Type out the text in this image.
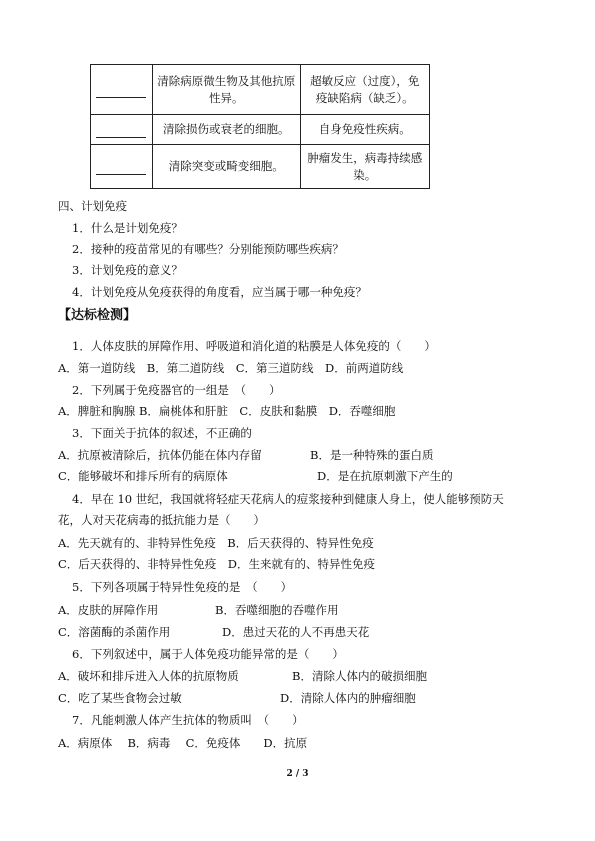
	清除病原微生物及其他抗原性异。	超敏反应（过度），免疫缺陷病（缺乏）。
	清除损伤或衰老的细胞。	自身免疫性疾病。
	清除突变或畸变细胞。	肿瘤发生，病毒持续感染。
四、计划免疫
1．什么是计划免疫？
2．接种的疫苗常见的有哪些？分别能预防哪些疾病？
3．计划免疫的意义？
4．计划免疫从免疫获得的角度看，应当属于哪一种免疫？
【达标检测】
1．人体皮肤的屏障作用、呼吸道和消化道的粘膜是人体免疫的（　　）
A．第一道防线　B．第二道防线　C．第三道防线　D．前两道防线
2．下列属于免疫器官的一组是　（　　）
A．脾脏和胸腺 B．扁桃体和肝脏　C．皮肤和黏膜　D．吞噬细胞
3．下面关于抗体的叙述，不正确的
A．抗原被清除后，抗体仍能在体内存留	B．是一种特殊的蛋白质
C．能够破坏和排斥所有的病原体	D．是在抗原刺激下产生的
4．早在 10 世纪，我国就将轻症天花病人的痘浆接种到健康人身上，使人能够预防天
花，人对天花病毒的抵抗能力是（　　）
A．先天就有的、非特异性免疫　B．后天获得的、特异性免疫
C．后天获得的、非特异性免疫　D．生来就有的、特异性免疫
5．下列各项属于特异性免疫的是　（　　）
A．皮肤的屏障作用	B．吞噬细胞的吞噬作用
C．溶菌酶的杀菌作用	D．患过天花的人不再患天花
6．下列叙述中，属于人体免疫功能异常的是（　　）
A．破坏和排斥进入人体的抗原物质	B．清除人体内的破损细胞
C．吃了某些食物会过敏	D．清除人体内的肿瘤细胞
7．凡能刺激人体产生抗体的物质叫　（　　）
A．病原体　 B．病毒　 C．免疫体　　D．抗原
2 / 3
